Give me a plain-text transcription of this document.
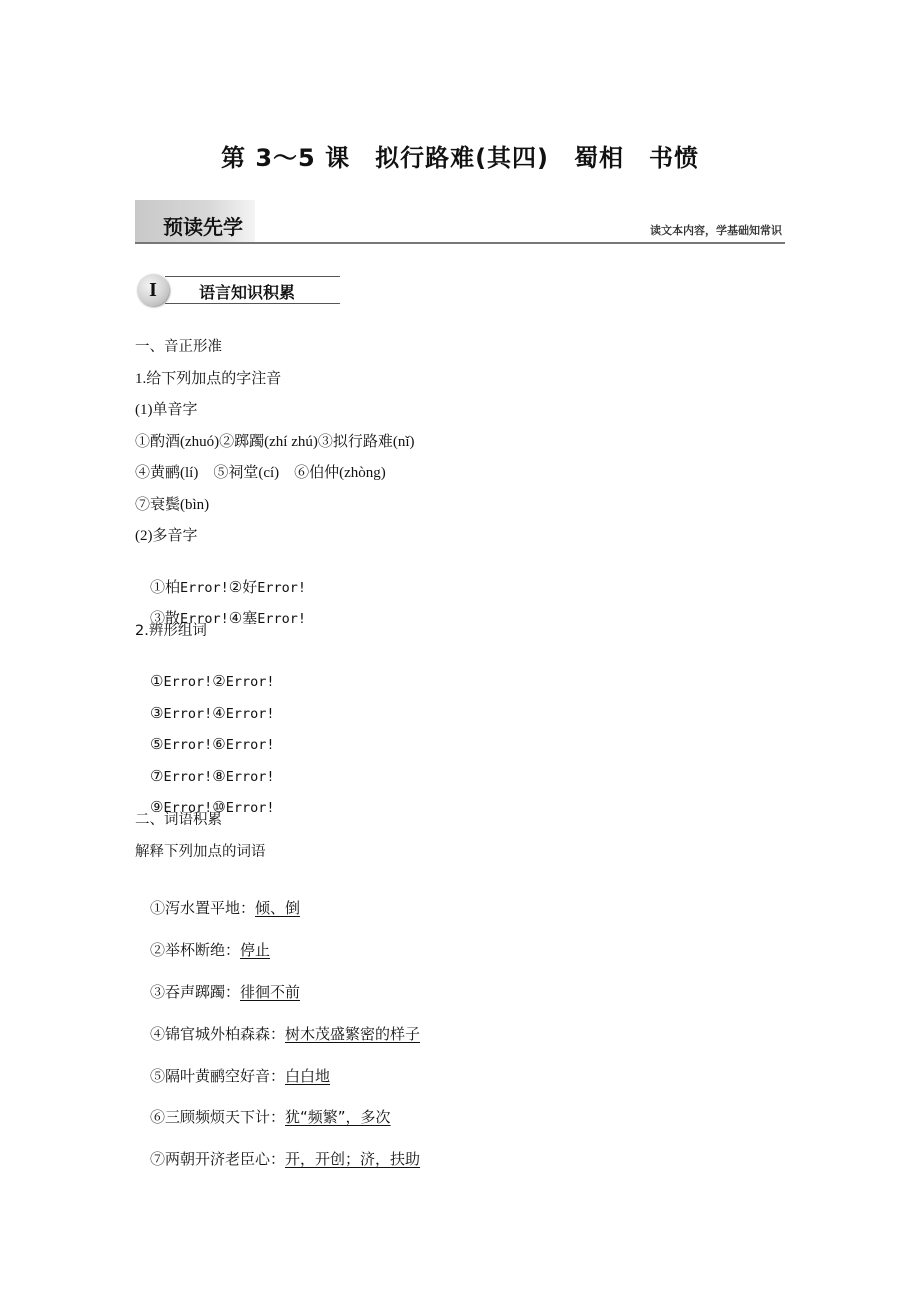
第 3～5 课　拟行路难(其四)　蜀相　书愤
预读先学	读文本内容，学基础知常识
I	语言知识积累
一、音正形准
1.给下列加点的字注音
(1)单音字
①酌酒(zhuó)②踯躅(zhí zhú)③拟行路难(nǐ)
④黄鹂(lí)　⑤祠堂(cí)　⑥伯仲(zhòng)
⑦衰鬓(bìn)
(2)多音字

①柏Error!②好Error!

③散Error!④塞Error!

2.辨形组词

①Error!②Error!

③Error!④Error!

⑤Error!⑥Error!

⑦Error!⑧Error!

⑨Error!⑩Error!

二、词语积累
解释下列加点的词语

①泻水置平地：倾、倒

②举杯断绝：停止

③吞声踯躅：徘徊不前

④锦官城外柏森森：树木茂盛繁密的样子

⑤隔叶黄鹂空好音：白白地

⑥三顾频烦天下计：犹“频繁”，多次

⑦两朝开济老臣心：开，开创；济，扶助
